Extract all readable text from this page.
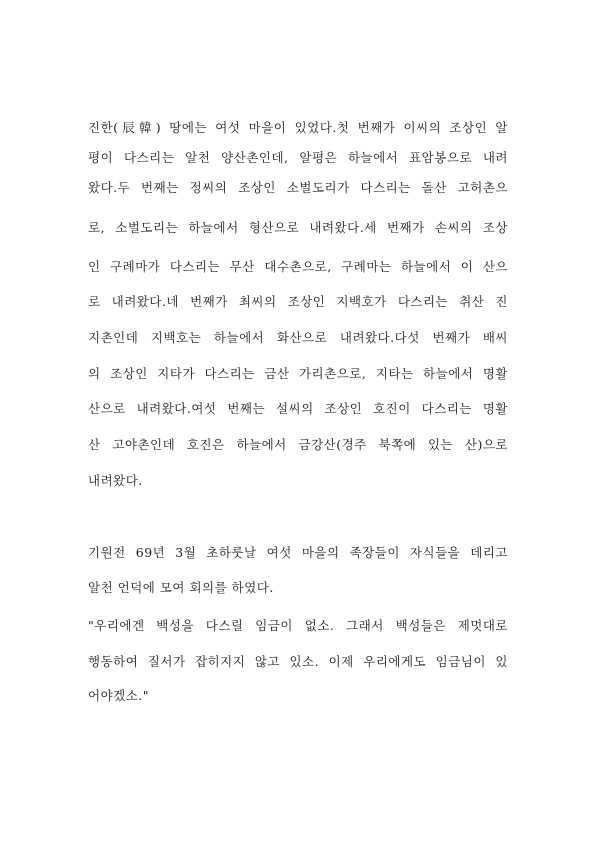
진한(辰韓) 땅에는 여섯 마을이 있었다.첫 번째가 이씨의 조상인 알
평이 다스리는 알천 양산촌인데, 알평은 하늘에서 표암봉으로 내려
왔다.두 번째는 정씨의 조상인 소벌도리가 다스리는 돌산 고허촌으
로, 소벌도리는 하늘에서 형산으로 내려왔다.세 번째가 손씨의 조상
인 구례마가 다스리는 무산 대수촌으로, 구례마는 하늘에서 이 산으
로 내려왔다.네 번째가 최씨의 조상인 지백호가 다스리는 취산 진
지촌인데 지백호는 하늘에서 화산으로 내려왔다.다섯 번째가 배씨
의 조상인 지타가 다스리는 금산 가리촌으로, 지타는 하늘에서 명활
산으로 내려왔다.여섯 번째는 설씨의 조상인 호진이 다스리는 명활
산 고야촌인데 호진은 하늘에서 금강산(경주 북쪽에 있는 산)으로
내려왔다.
기원전 69년 3월 초하룻날 여섯 마을의 족장들이 자식들을 데리고
알천 언덕에 모여 회의를 하였다.
"우리에겐 백성을 다스릴 임금이 없소. 그래서 백성들은 제멋대로
행동하여 질서가 잡히지지 않고 있소. 이제 우리에게도 임금님이 있
어야겠소."
